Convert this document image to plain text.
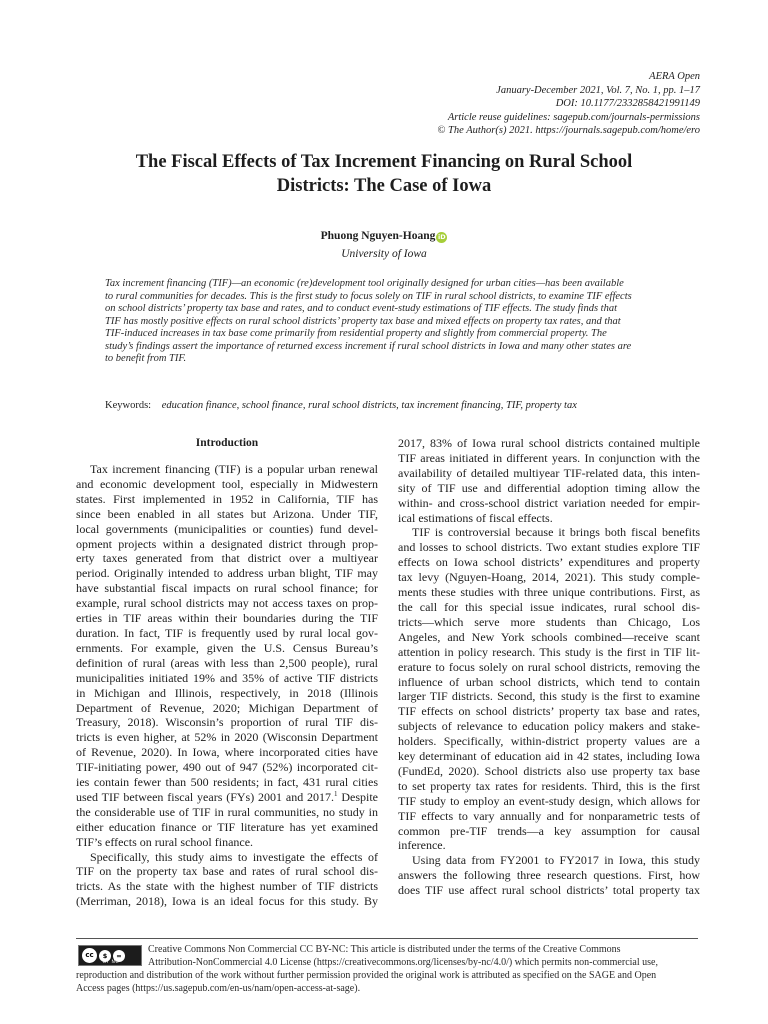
AERA Open
January-December 2021, Vol. 7, No. 1, pp. 1–17
DOI: 10.1177/2332858421991149
Article reuse guidelines: sagepub.com/journals-permissions
© The Author(s) 2021. https://journals.sagepub.com/home/ero
The Fiscal Effects of Tax Increment Financing on Rural School
Districts: The Case of Iowa
Phuong Nguyen-Hoang iD
University of Iowa
Tax increment financing (TIF)—an economic (re)development tool originally designed for urban cities—has been available
to rural communities for decades. This is the first study to focus solely on TIF in rural school districts, to examine TIF effects
on school districts’ property tax base and rates, and to conduct event-study estimations of TIF effects. The study finds that
TIF has mostly positive effects on rural school districts’ property tax base and mixed effects on property tax rates, and that
TIF-induced increases in tax base come primarily from residential property and slightly from commercial property. The
study’s findings assert the importance of returned excess increment if rural school districts in Iowa and many other states are
to benefit from TIF.
Keywords: education finance, school finance, rural school districts, tax increment financing, TIF, property tax
Introduction
Tax increment financing (TIF) is a popular urban renewal
and economic development tool, especially in Midwestern
states. First implemented in 1952 in California, TIF has
since been enabled in all states but Arizona. Under TIF,
local governments (municipalities or counties) fund devel-
opment projects within a designated district through prop-
erty taxes generated from that district over a multiyear
period. Originally intended to address urban blight, TIF may
have substantial fiscal impacts on rural school finance; for
example, rural school districts may not access taxes on prop-
erties in TIF areas within their boundaries during the TIF
duration. In fact, TIF is frequently used by rural local gov-
ernments. For example, given the U.S. Census Bureau’s
definition of rural (areas with less than 2,500 people), rural
municipalities initiated 19% and 35% of active TIF districts
in Michigan and Illinois, respectively, in 2018 (Illinois
Department of Revenue, 2020; Michigan Department of
Treasury, 2018). Wisconsin’s proportion of rural TIF dis-
tricts is even higher, at 52% in 2020 (Wisconsin Department
of Revenue, 2020). In Iowa, where incorporated cities have
TIF-initiating power, 490 out of 947 (52%) incorporated cit-
ies contain fewer than 500 residents; in fact, 431 rural cities
used TIF between fiscal years (FYs) 2001 and 2017.$^1$ Despite
the considerable use of TIF in rural communities, no study in
either education finance or TIF literature has yet examined
TIF’s effects on rural school finance.
Specifically, this study aims to investigate the effects of
TIF on the property tax base and rates of rural school dis-
tricts. As the state with the highest number of TIF districts
(Merriman, 2018), Iowa is an ideal focus for this study. By
2017, 83% of Iowa rural school districts contained multiple
TIF areas initiated in different years. In conjunction with the
availability of detailed multiyear TIF-related data, this inten-
sity of TIF use and differential adoption timing allow the
within- and cross-school district variation needed for empir-
ical estimations of fiscal effects.
TIF is controversial because it brings both fiscal benefits
and losses to school districts. Two extant studies explore TIF
effects on Iowa school districts’ expenditures and property
tax levy (Nguyen-Hoang, 2014, 2021). This study comple-
ments these studies with three unique contributions. First, as
the call for this special issue indicates, rural school dis-
tricts—which serve more students than Chicago, Los
Angeles, and New York schools combined—receive scant
attention in policy research. This study is the first in TIF lit-
erature to focus solely on rural school districts, removing the
influence of urban school districts, which tend to contain
larger TIF districts. Second, this study is the first to examine
TIF effects on school districts’ property tax base and rates,
subjects of relevance to education policy makers and stake-
holders. Specifically, within-district property values are a
key determinant of education aid in 42 states, including Iowa
(FundEd, 2020). School districts also use property tax base
to set property tax rates for residents. Third, this is the first
TIF study to employ an event-study design, which allows for
TIF effects to vary annually and for nonparametric tests of
common pre-TIF trends—a key assumption for causal
inference.
Using data from FY2001 to FY2017 in Iowa, this study
answers the following three research questions. First, how
does TIF use affect rural school districts’ total property tax
cc	$	=
BY NC
Creative Commons Non Commercial CC BY-NC: This article is distributed under the terms of the Creative Commons
Attribution-NonCommercial 4.0 License (https://creativecommons.org/licenses/by-nc/4.0/) which permits non-commercial use,
reproduction and distribution of the work without further permission provided the original work is attributed as specified on the SAGE and Open
Access pages (https://us.sagepub.com/en-us/nam/open-access-at-sage).
